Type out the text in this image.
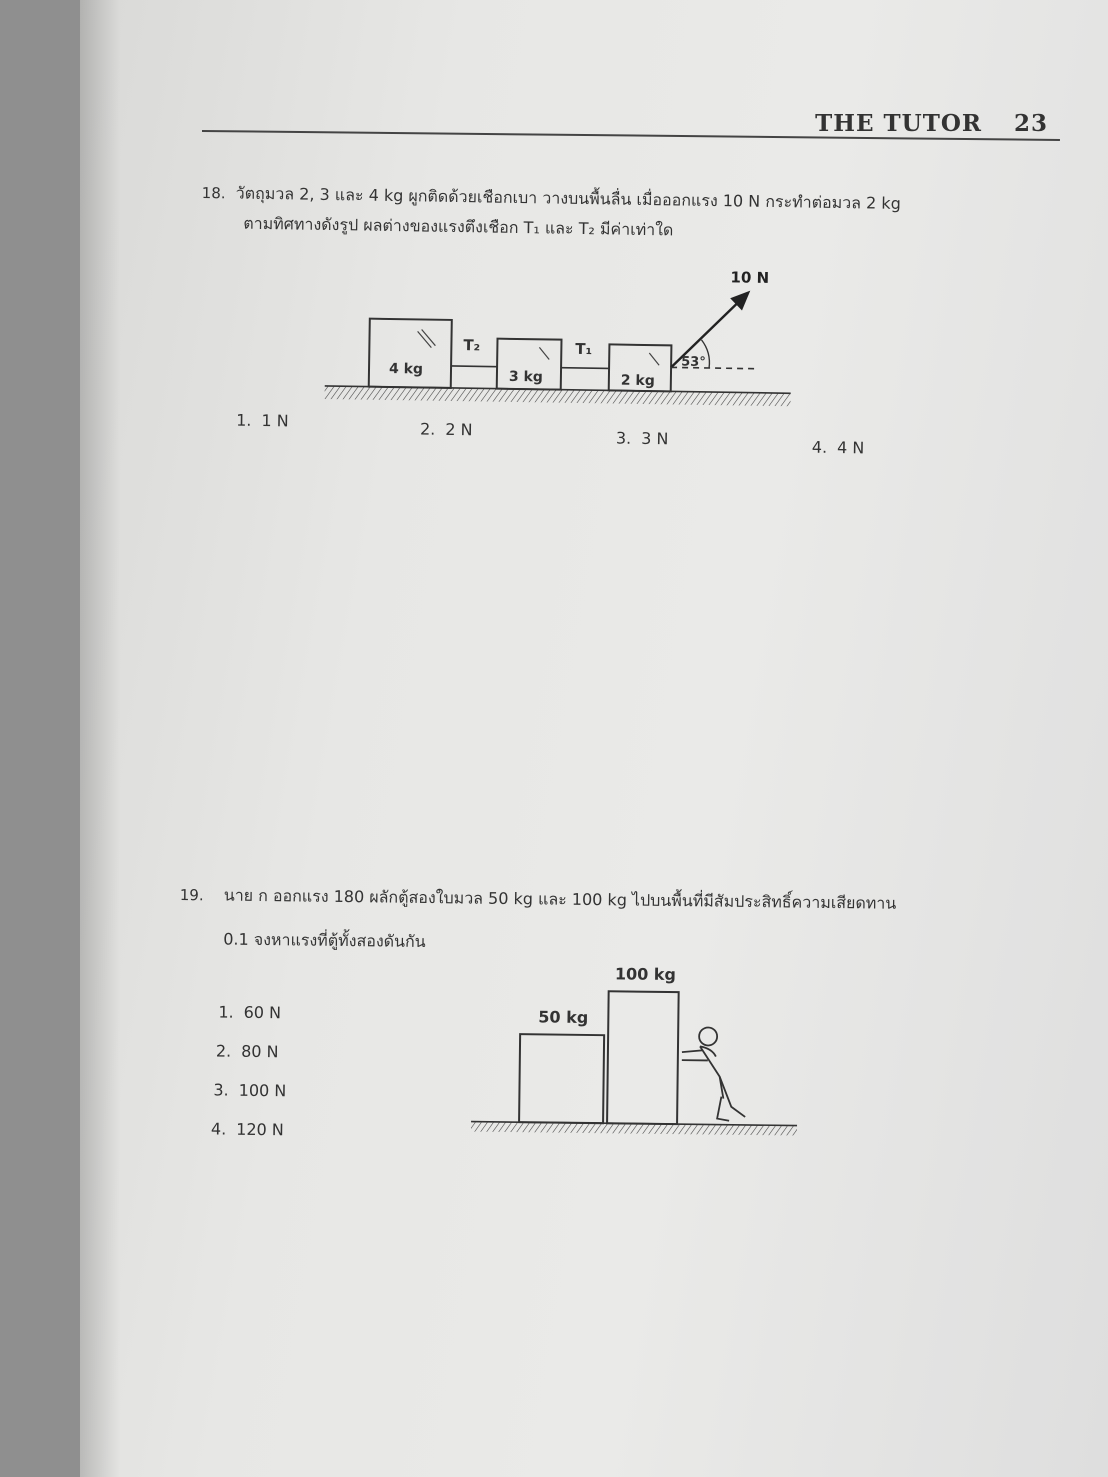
THE TUTOR 23
18. วัตถุมวล 2, 3 และ 4 kg ผูกติดด้วยเชือกเบา วางบนพื้นลื่น เมื่อออกแรง 10 N กระทำต่อมวล 2 kg
ตามทิศทางดังรูป ผลต่างของแรงตึงเชือก T₁ และ T₂ มีค่าเท่าใด
4 kg
T₂
3 kg
T₁
2 kg
10 N
53°
1. 1 N	2. 2 N	3. 3 N	4. 4 N
19. นาย ก ออกแรง 180 ผลักตู้สองใบมวล 50 kg และ 100 kg ไปบนพื้นที่มีสัมประสิทธิ์ความเสียดทาน
0.1 จงหาแรงที่ตู้ทั้งสองดันกัน
1. 60 N
2. 80 N
3. 100 N
4. 120 N
50 kg
100 kg
